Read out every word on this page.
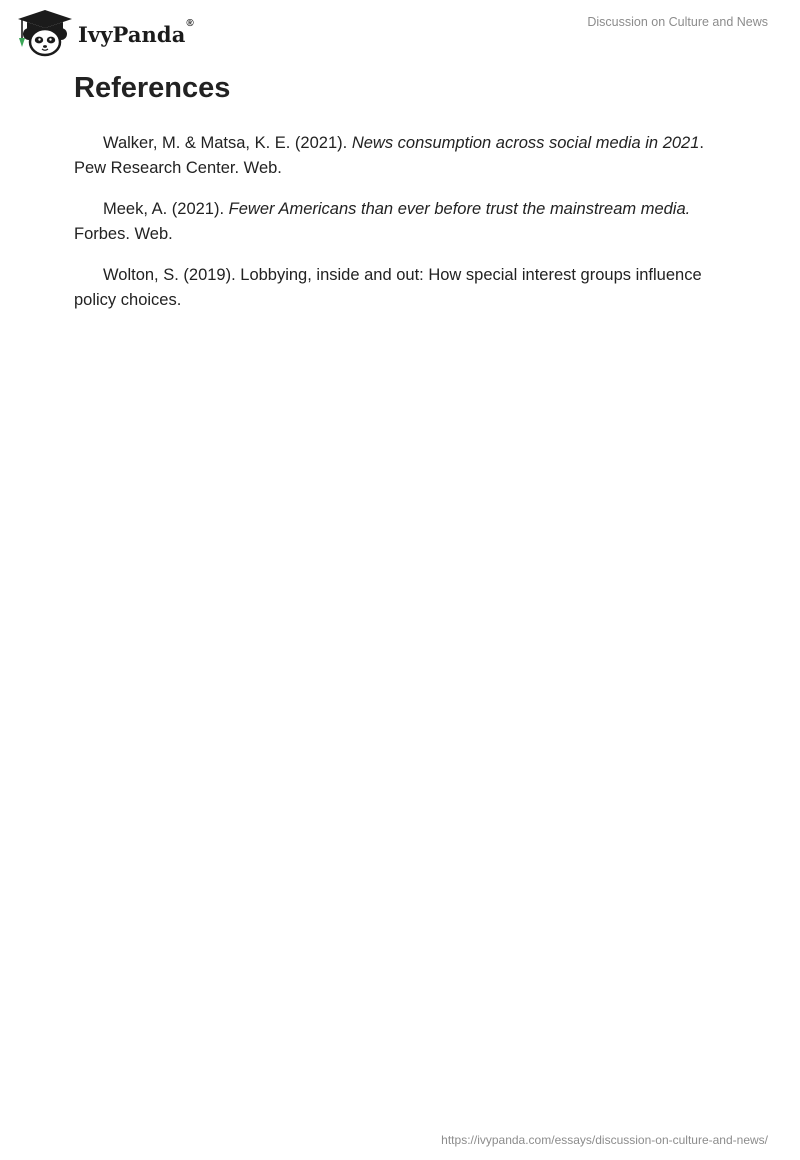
IvyPanda®	Discussion on Culture and News
References

Walker, M. & Matsa, K. E. (2021). News consumption across social media in 2021. Pew Research Center. Web.

Meek, A. (2021). Fewer Americans than ever before trust the mainstream media. Forbes. Web.

Wolton, S. (2019). Lobbying, inside and out: How special interest groups influence policy choices.

https://ivypanda.com/essays/discussion-on-culture-and-news/
